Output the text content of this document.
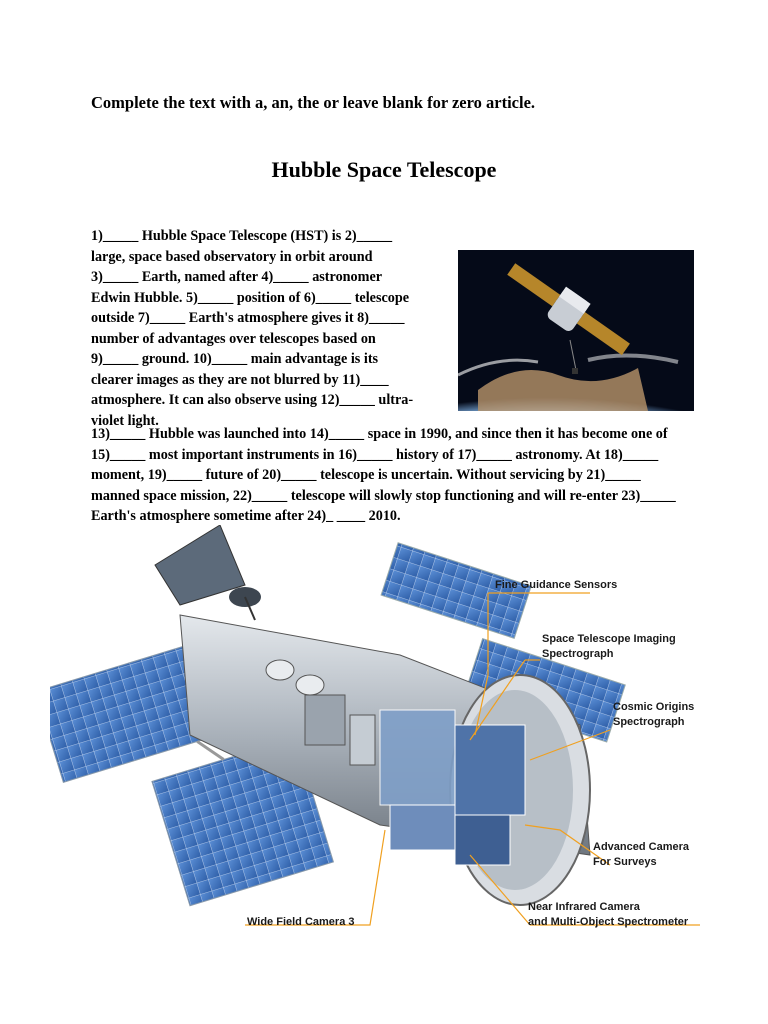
Complete the text with a, an, the or leave blank for zero article.

Hubble Space Telescope

1)_____ Hubble Space Telescope (HST) is 2)_____ large, space based observatory in orbit around 3)_____ Earth, named after 4)_____ astronomer Edwin Hubble. 5)_____ position of 6)_____ telescope outside 7)_____ Earth's atmosphere gives it 8)_____ number of advantages over telescopes based on 9)_____ ground. 10)_____ main advantage is its clearer images as they are not blurred by 11)____ atmosphere. It can also observe using 12)_____ ultra-violet light.

13)_____ Hubble was launched into 14)_____ space in 1990, and since then it has become one of 15)_____ most important instruments in 16)_____ history of 17)_____ astronomy. At 18)_____ moment, 19)_____ future of 20)_____ telescope is uncertain. Without servicing by 21)_____ manned space mission, 22)_____ telescope will slowly stop functioning and will re-enter 23)_____ Earth's atmosphere sometime after 24)_ ____ 2010.

Fine Guidance Sensors
Space Telescope Imaging
Spectrograph
Cosmic Origins
Spectrograph
Advanced Camera
For Surveys
Near Infrared Camera
and Multi-Object Spectrometer
Wide Field Camera 3
